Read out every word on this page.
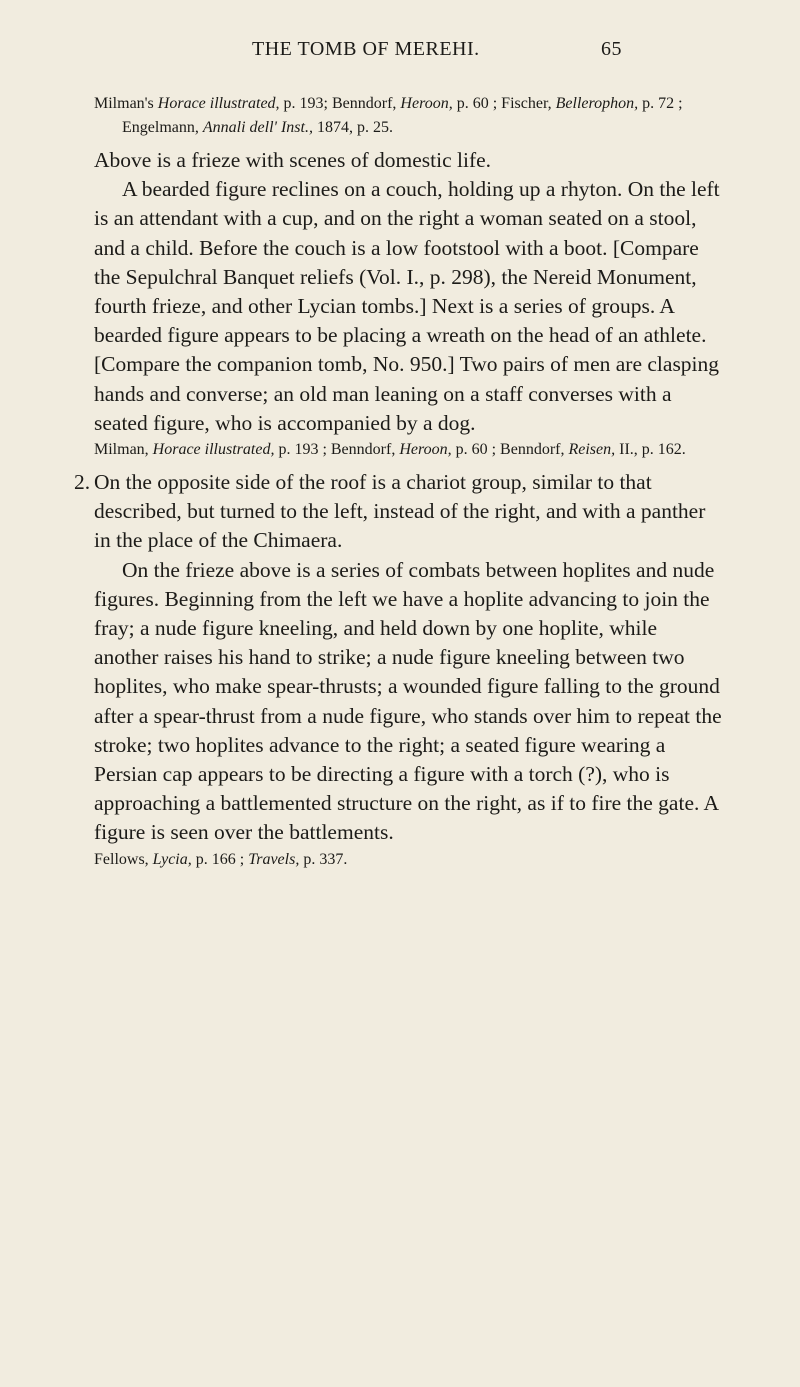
THE TOMB OF MEREHI.	65

Milman's Horace illustrated, p. 193; Benndorf, Heroon, p. 60 ; Fischer, Bellerophon, p. 72 ; Engelmann, Annali dell' Inst., 1874, p. 25.

Above is a frieze with scenes of domestic life.

A bearded figure reclines on a couch, holding up a rhyton. On the left is an attendant with a cup, and on the right a woman seated on a stool, and a child. Before the couch is a low footstool with a boot. [Compare the Sepulchral Banquet reliefs (Vol. I., p. 298), the Nereid Monument, fourth frieze, and other Lycian tombs.] Next is a series of groups. A bearded figure appears to be placing a wreath on the head of an athlete. [Compare the companion tomb, No. 950.] Two pairs of men are clasping hands and converse; an old man leaning on a staff converses with a seated figure, who is accompanied by a dog.

Milman, Horace illustrated, p. 193 ; Benndorf, Heroon, p. 60 ; Benndorf, Reisen, II., p. 162.

2. On the opposite side of the roof is a chariot group, similar to that described, but turned to the left, instead of the right, and with a panther in the place of the Chimaera.

On the frieze above is a series of combats between hoplites and nude figures. Beginning from the left we have a hoplite advancing to join the fray; a nude figure kneeling, and held down by one hoplite, while another raises his hand to strike; a nude figure kneeling between two hoplites, who make spear-thrusts; a wounded figure falling to the ground after a spear-thrust from a nude figure, who stands over him to repeat the stroke; two hoplites advance to the right; a seated figure wearing a Persian cap appears to be directing a figure with a torch (?), who is approaching a battlemented structure on the right, as if to fire the gate. A figure is seen over the battlements.

Fellows, Lycia, p. 166 ; Travels, p. 337.
